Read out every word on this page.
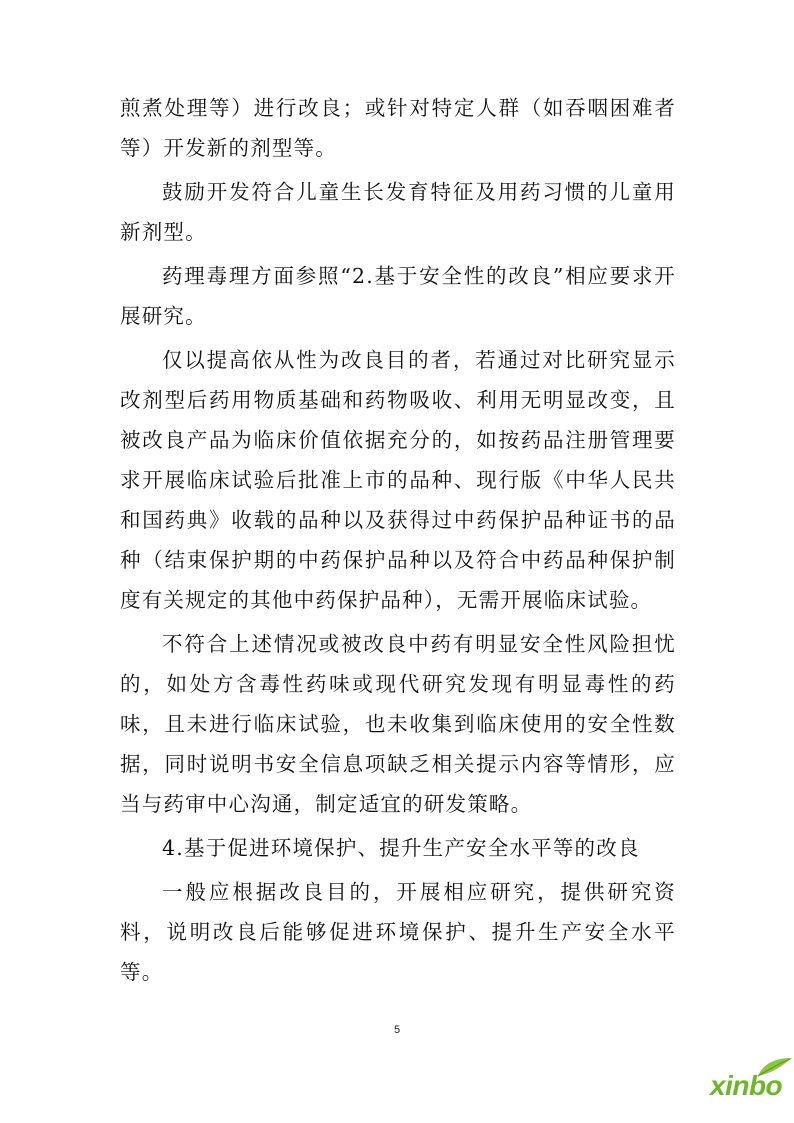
煎煮处理等）进行改良；或针对特定人群（如吞咽困难者等）开发新的剂型等。

鼓励开发符合儿童生长发育特征及用药习惯的儿童用新剂型。

药理毒理方面参照“2.基于安全性的改良”相应要求开展研究。

仅以提高依从性为改良目的者，若通过对比研究显示改剂型后药用物质基础和药物吸收、利用无明显改变，且被改良产品为临床价值依据充分的，如按药品注册管理要求开展临床试验后批准上市的品种、现行版《中华人民共和国药典》收载的品种以及获得过中药保护品种证书的品种（结束保护期的中药保护品种以及符合中药品种保护制度有关规定的其他中药保护品种），无需开展临床试验。

不符合上述情况或被改良中药有明显安全性风险担忧的，如处方含毒性药味或现代研究发现有明显毒性的药味，且未进行临床试验，也未收集到临床使用的安全性数据，同时说明书安全信息项缺乏相关提示内容等情形，应当与药审中心沟通，制定适宜的研发策略。

4.基于促进环境保护、提升生产安全水平等的改良

一般应根据改良目的，开展相应研究，提供研究资料，说明改良后能够促进环境保护、提升生产安全水平等。

5
xinbo
